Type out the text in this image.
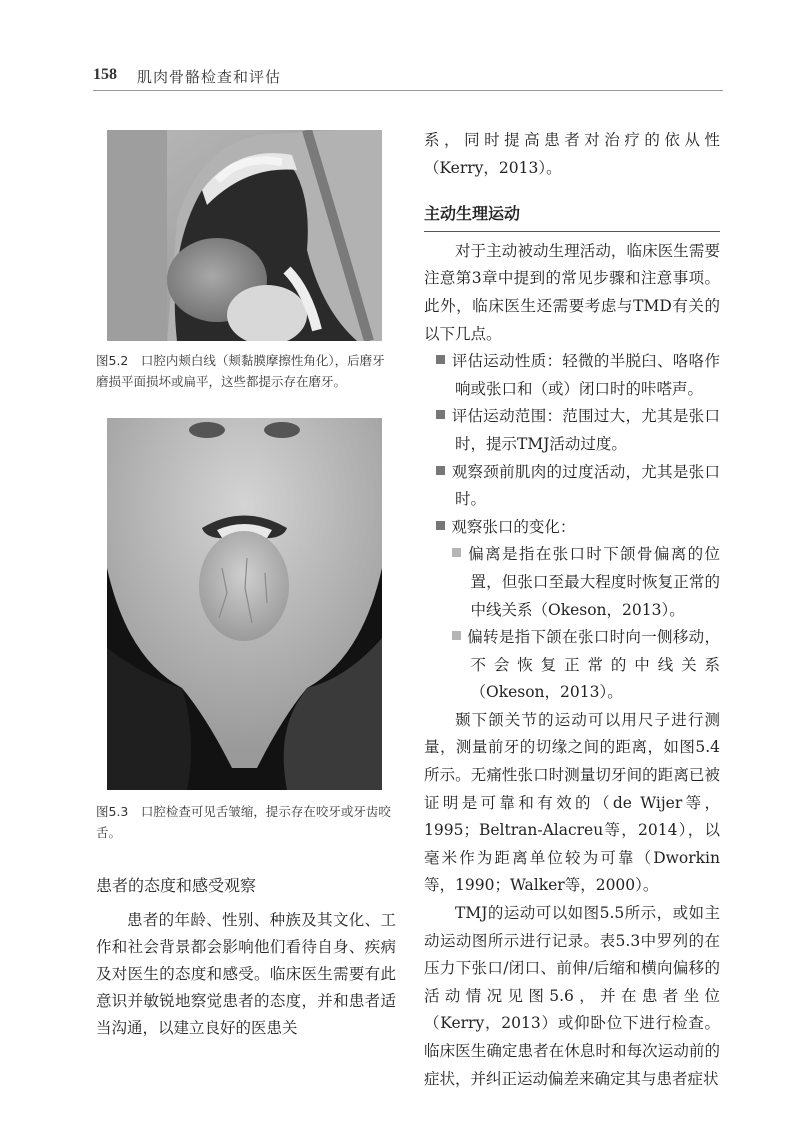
158 肌肉骨骼检查和评估
图5.2　口腔内颊白线（颊黏膜摩擦性角化），后磨牙磨损平面损坏或扁平，这些都提示存在磨牙。
图5.3　口腔检查可见舌皱缩，提示存在咬牙或牙齿咬舌。
患者的态度和感受观察

患者的年龄、性别、种族及其文化、工作和社会背景都会影响他们看待自身、疾病及对医生的态度和感受。临床医生需要有此意识并敏锐地察觉患者的态度，并和患者适当沟通，以建立良好的医患关

系，同时提高患者对治疗的依从性（Kerry，2013）。

主动生理运动

对于主动被动生理活动，临床医生需要注意第3章中提到的常见步骤和注意事项。此外，临床医生还需要考虑与TMD有关的以下几点。

评估运动性质：轻微的半脱臼、咯咯作响或张口和（或）闭口时的咔嗒声。

评估运动范围：范围过大，尤其是张口时，提示TMJ活动过度。

观察颈前肌肉的过度活动，尤其是张口时。

观察张口的变化：

偏离是指在张口时下颌骨偏离的位置，但张口至最大程度时恢复正常的中线关系（Okeson，2013）。

偏转是指下颌在张口时向一侧移动，不会恢复正常的中线关系（Okeson，2013）。

颞下颌关节的运动可以用尺子进行测量，测量前牙的切缘之间的距离，如图5.4所示。无痛性张口时测量切牙间的距离已被证明是可靠和有效的（de Wijer等，1995；Beltran-Alacreu等，2014），以毫米作为距离单位较为可靠（Dworkin等，1990；Walker等，2000）。

TMJ的运动可以如图5.5所示，或如主动运动图所示进行记录。表5.3中罗列的在压力下张口/闭口、前伸/后缩和横向偏移的活动情况见图5.6，并在患者坐位（Kerry，2013）或仰卧位下进行检查。临床医生确定患者在休息时和每次运动前的症状，并纠正运动偏差来确定其与患者症状
